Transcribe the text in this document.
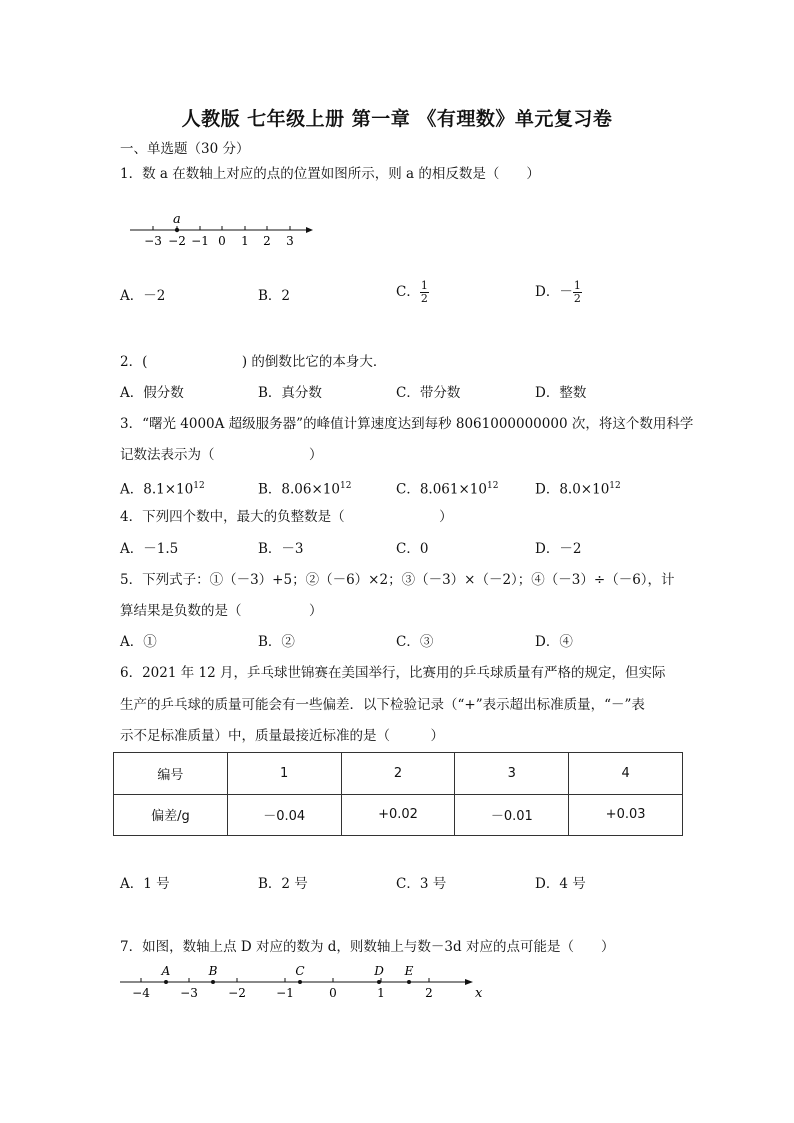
人教版 七年级上册 第一章 《有理数》单元复习卷
一、单选题（30 分）
1．数 a 在数轴上对应的点的位置如图所示，则 a 的相反数是（　　）
−3 −2 −1 0 1 2 3
a
A．－2	B．2	C． $\frac{1}{2}$	D．－ $\frac{1}{2}$
2．(　　　　　　　) 的倒数比它的本身大．
A．假分数	B．真分数	C．带分数	D．整数
3．“曙光 4000A 超级服务器”的峰值计算速度达到每秒 8061000000000 次，将这个数用科学
记数法表示为（　　　　　　　）
A．$8.1\times 10^{12}$	B．$8.06\times 10^{12}$	C．$8.061\times 10^{12}$	D．$8.0\times 10^{12}$
4．下列四个数中，最大的负整数是（　　　　　　　）
A．－1.5	B．－3	C．0	D．－2
5．下列式子：①（－3）+5；②（－6）×2；③（－3）×（－2）；④（－3）÷（－6），计
算结果是负数的是（　　　　　）
A．①	B．②	C．③	D．④
6．2021 年 12 月，乒乓球世锦赛在美国举行，比赛用的乒乓球质量有严格的规定，但实际
生产的乒乓球的质量可能会有一些偏差．以下检验记录（“+”表示超出标准质量，“－”表
示不足标准质量）中，质量最接近标准的是（　　　）
编号	1	2	3	4
偏差/g	－0.04	+0.02	－0.01	+0.03
A．1 号	B．2 号	C．3 号	D．4 号
7．如图，数轴上点 D 对应的数为 d，则数轴上与数－3d 对应的点可能是（　　）
−4	−3	−2	−1	0	1	2
A	B	C	D E
x
